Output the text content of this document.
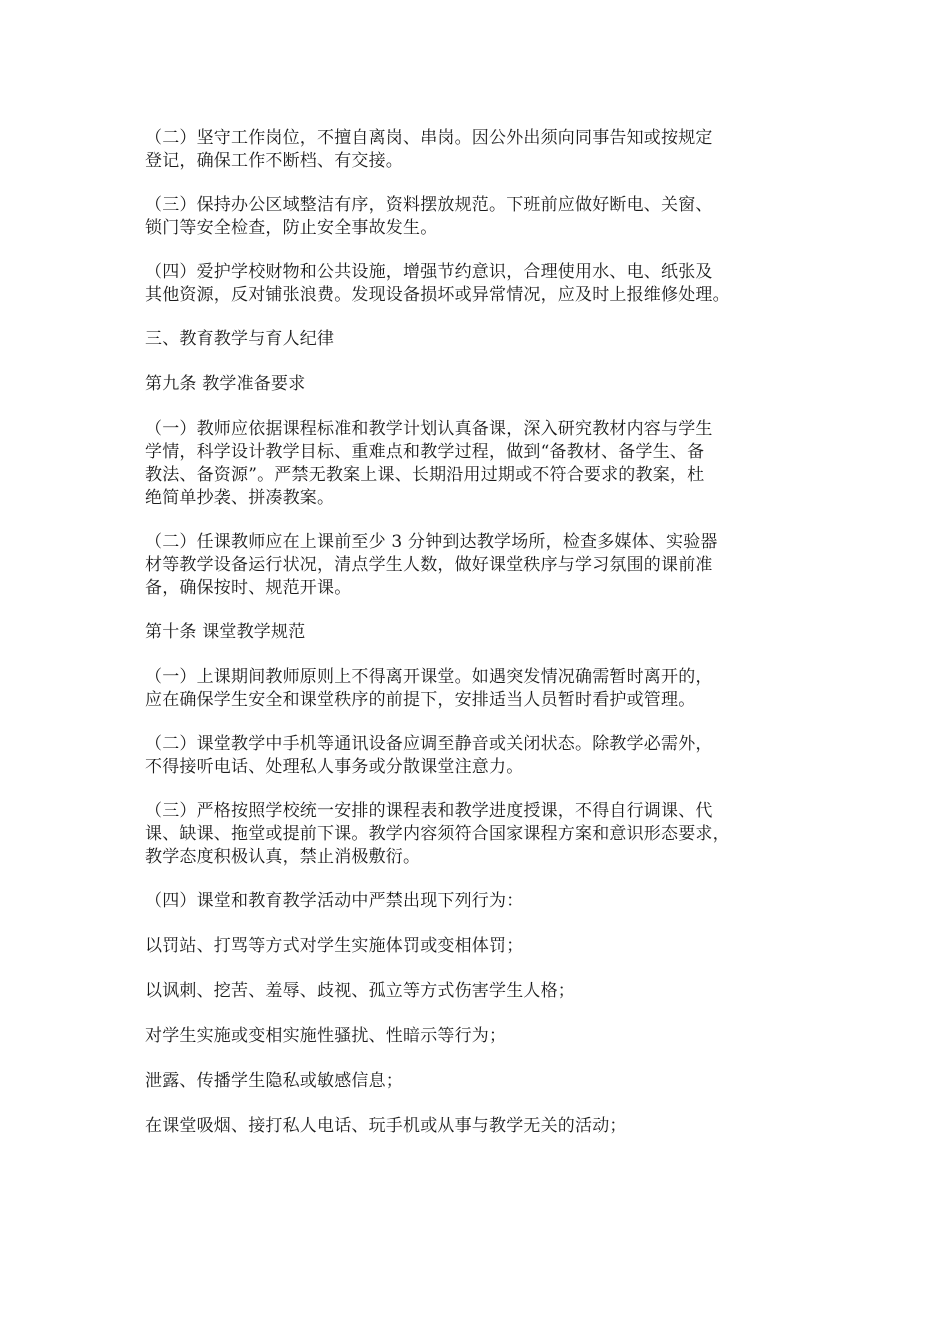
（二）坚守工作岗位，不擅自离岗、串岗。因公外出须向同事告知或按规定
登记，确保工作不断档、有交接。

（三）保持办公区域整洁有序，资料摆放规范。下班前应做好断电、关窗、
锁门等安全检查，防止安全事故发生。

（四）爱护学校财物和公共设施，增强节约意识，合理使用水、电、纸张及
其他资源，反对铺张浪费。发现设备损坏或异常情况，应及时上报维修处理。

三、教育教学与育人纪律

第九条 教学准备要求

（一）教师应依据课程标准和教学计划认真备课，深入研究教材内容与学生
学情，科学设计教学目标、重难点和教学过程，做到“备教材、备学生、备
教法、备资源”。严禁无教案上课、长期沿用过期或不符合要求的教案，杜
绝简单抄袭、拼凑教案。

（二）任课教师应在上课前至少 3 分钟到达教学场所，检查多媒体、实验器
材等教学设备运行状况，清点学生人数，做好课堂秩序与学习氛围的课前准
备，确保按时、规范开课。

第十条 课堂教学规范

（一）上课期间教师原则上不得离开课堂。如遇突发情况确需暂时离开的，
应在确保学生安全和课堂秩序的前提下，安排适当人员暂时看护或管理。

（二）课堂教学中手机等通讯设备应调至静音或关闭状态。除教学必需外，
不得接听电话、处理私人事务或分散课堂注意力。

（三）严格按照学校统一安排的课程表和教学进度授课，不得自行调课、代
课、缺课、拖堂或提前下课。教学内容须符合国家课程方案和意识形态要求，
教学态度积极认真，禁止消极敷衍。

（四）课堂和教育教学活动中严禁出现下列行为：

以罚站、打骂等方式对学生实施体罚或变相体罚；

以讽刺、挖苦、羞辱、歧视、孤立等方式伤害学生人格；

对学生实施或变相实施性骚扰、性暗示等行为；

泄露、传播学生隐私或敏感信息；

在课堂吸烟、接打私人电话、玩手机或从事与教学无关的活动；
